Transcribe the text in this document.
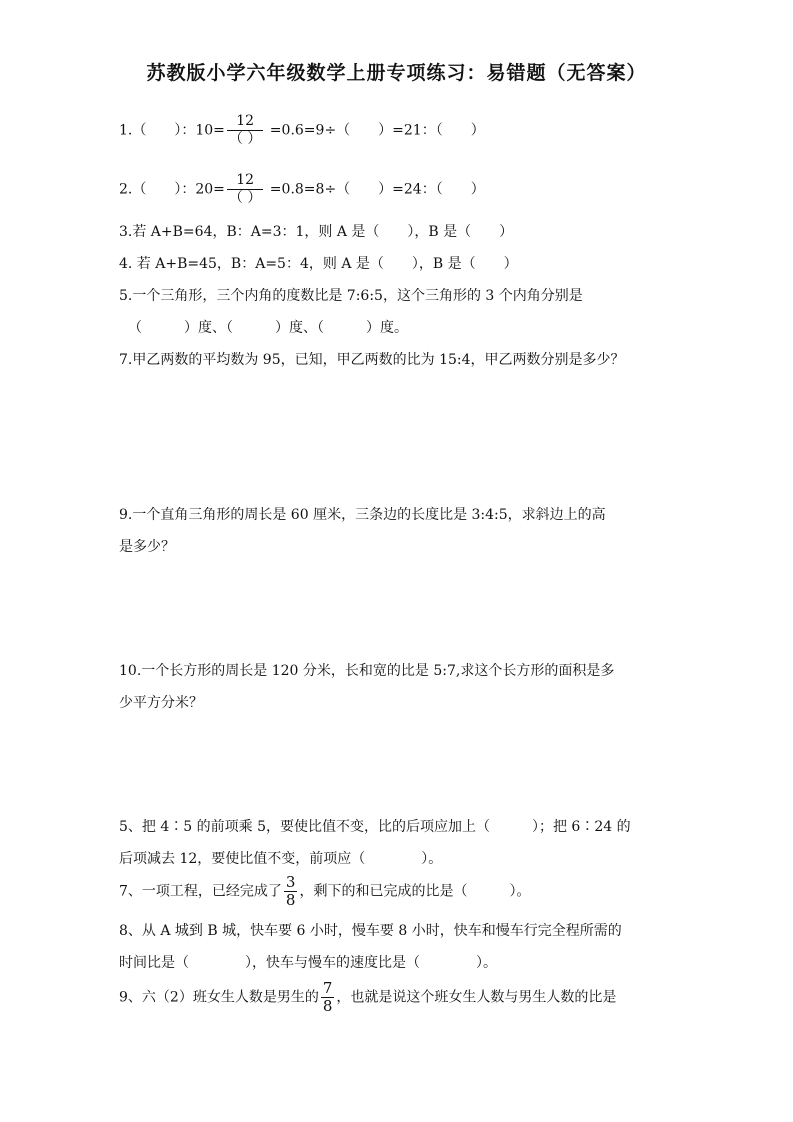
苏教版小学六年级数学上册专项练习：易错题（无答案）
1.（　　）：$10= \frac{12}{( )} =0.6=9\div$（　　）=21：（　　）
2.（　　）：$20= \frac{12}{( )} =0.8=8\div$（　　）=24：（　　）
3.若 A+B=64，B：A=3：1，则 A 是（　　），B 是（　　）
4. 若 A+B=45，B：A=5：4，则 A 是（　　），B 是（　　）
5.一个三角形，三个内角的度数比是 7:6:5，这个三角形的 3 个内角分别是
（　　　）度、（　　　）度、（　　　）度。
7.甲乙两数的平均数为 95，已知，甲乙两数的比为 15:4，甲乙两数分别是多少？
9.一个直角三角形的周长是 60 厘米，三条边的长度比是 3:4:5，求斜边上的高
是多少？
10.一个长方形的周长是 120 分米，长和宽的比是 5:7,求这个长方形的面积是多
少平方分米？
5、把 4∶5 的前项乘 5，要使比值不变，比的后项应加上（　　　）；把 6∶24 的
后项减去 12，要使比值不变，前项应（　　　　）。
7、一项工程，已经完成了 $\frac{3}{8}$ ，剩下的和已完成的比是（　　　）。
8、从 A 城到 B 城，快车要 6 小时，慢车要 8 小时，快车和慢车行完全程所需的
时间比是（　　　　），快车与慢车的速度比是（　　　　）。
9、六（2）班女生人数是男生的 $\frac{7}{8}$ ，也就是说这个班女生人数与男生人数的比是
